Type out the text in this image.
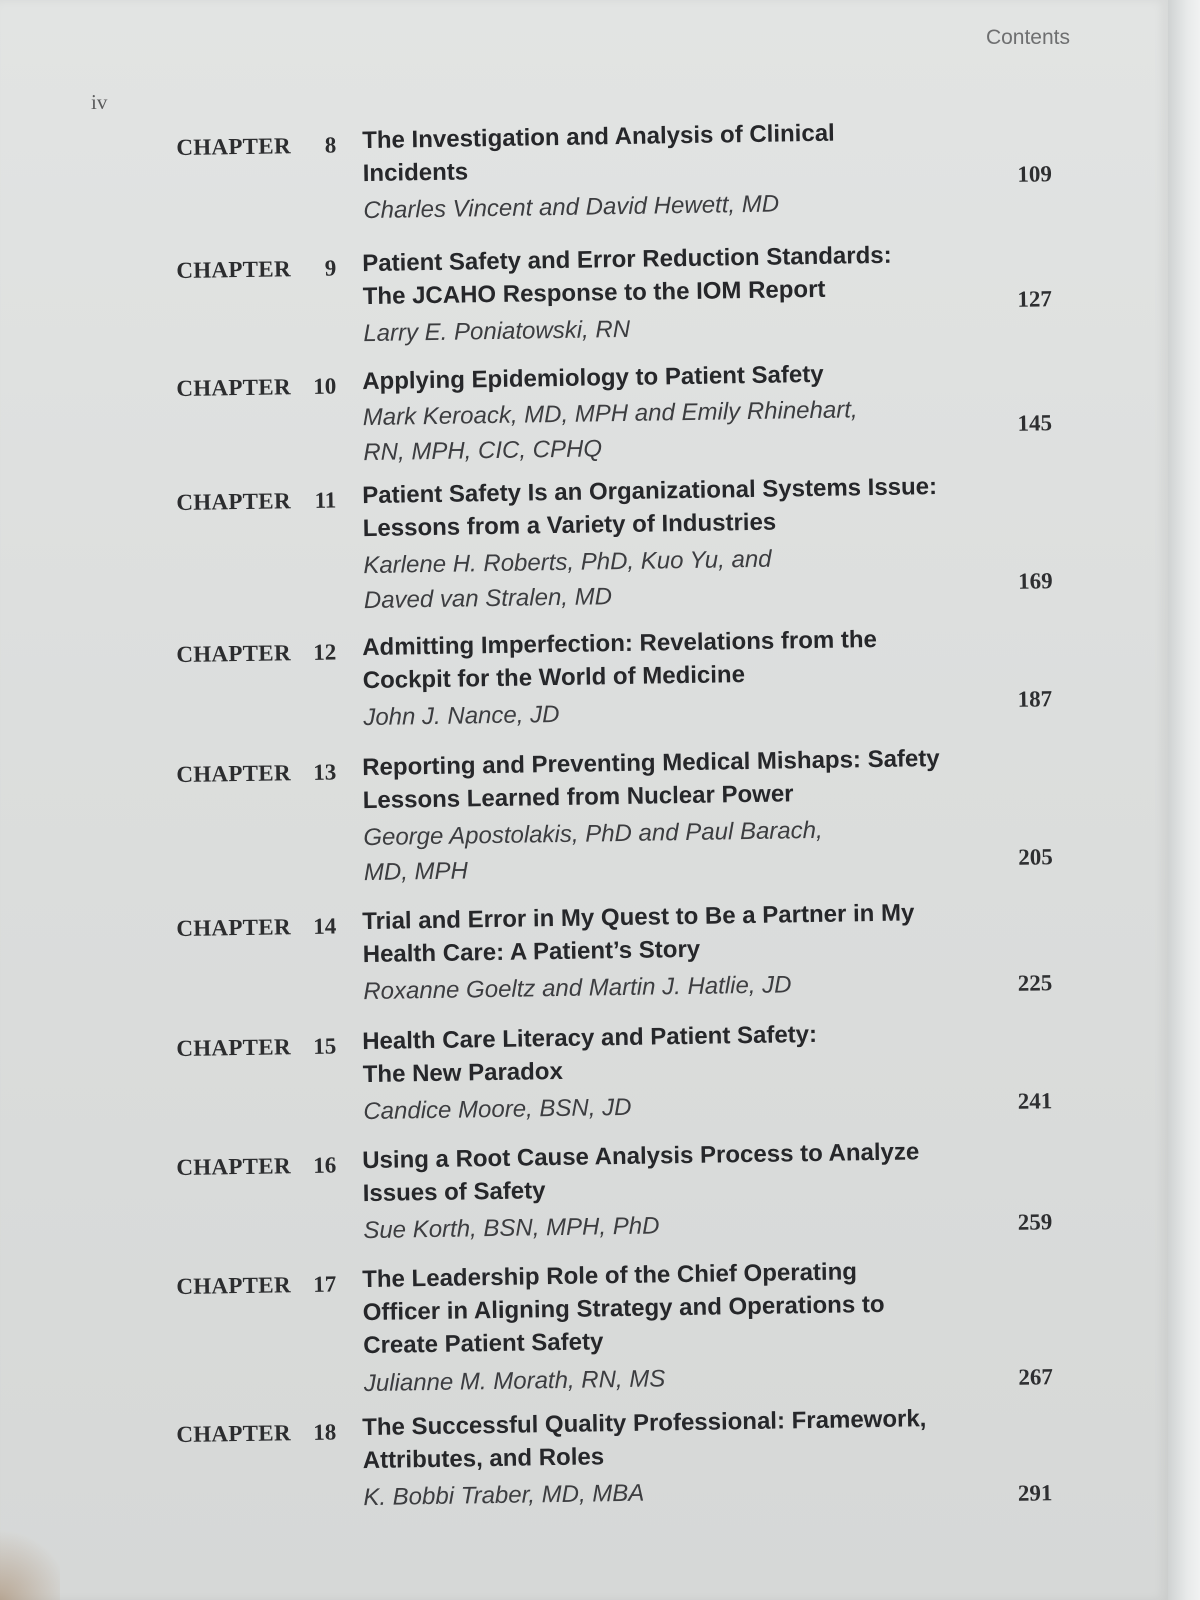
Contents
iv
CHAPTER 8 The Investigation and Analysis of Clinical
Incidents
Charles Vincent and David Hewett, MD
109
CHAPTER 9 Patient Safety and Error Reduction Standards:
The JCAHO Response to the IOM Report
Larry E. Poniatowski, RN
127
CHAPTER 10 Applying Epidemiology to Patient Safety
Mark Keroack, MD, MPH and Emily Rhinehart,
RN, MPH, CIC, CPHQ
145
CHAPTER 11 Patient Safety Is an Organizational Systems Issue:
Lessons from a Variety of Industries
Karlene H. Roberts, PhD, Kuo Yu, and
Daved van Stralen, MD
169
CHAPTER 12 Admitting Imperfection: Revelations from the
Cockpit for the World of Medicine
John J. Nance, JD
187
CHAPTER 13 Reporting and Preventing Medical Mishaps: Safety
Lessons Learned from Nuclear Power
George Apostolakis, PhD and Paul Barach,
MD, MPH
205
CHAPTER 14 Trial and Error in My Quest to Be a Partner in My
Health Care: A Patient’s Story
Roxanne Goeltz and Martin J. Hatlie, JD	225
CHAPTER 15 Health Care Literacy and Patient Safety:
The New Paradox
Candice Moore, BSN, JD	241
CHAPTER 16 Using a Root Cause Analysis Process to Analyze
Issues of Safety
Sue Korth, BSN, MPH, PhD	259
CHAPTER 17 The Leadership Role of the Chief Operating
Officer in Aligning Strategy and Operations to
Create Patient Safety
Julianne M. Morath, RN, MS	267
CHAPTER 18 The Successful Quality Professional: Framework,
Attributes, and Roles
K. Bobbi Traber, MD, MBA	291
